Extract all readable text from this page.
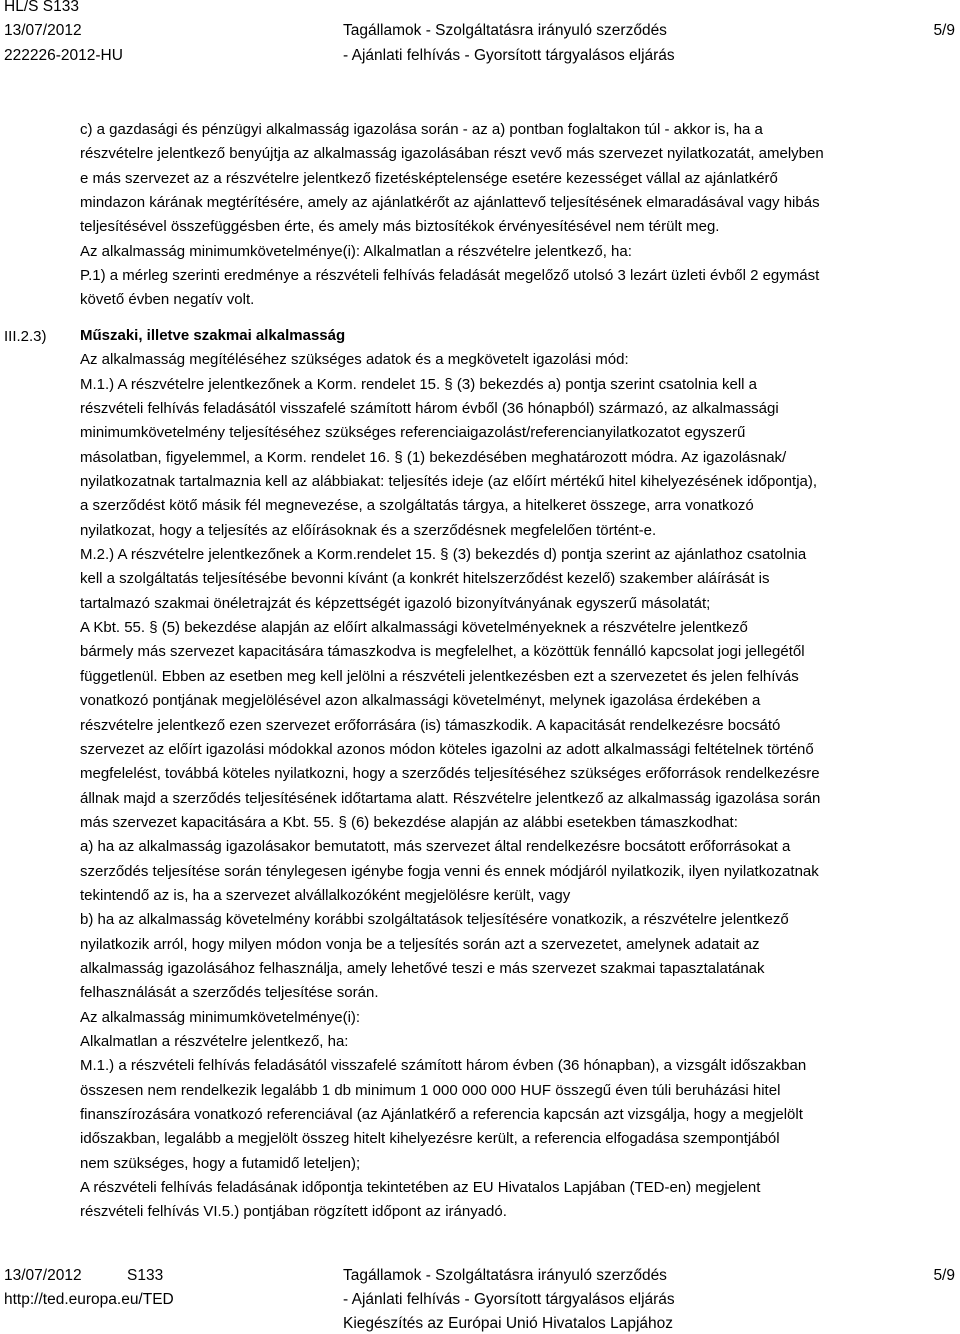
HL/S S133
13/07/2012
222226-2012-HU
Tagállamok - Szolgáltatásra irányuló szerződés
- Ajánlati felhívás - Gyorsított tárgyalásos eljárás
5/9
c) a gazdasági és pénzügyi alkalmasság igazolása során - az a) pontban foglaltakon túl - akkor is, ha a
részvételre jelentkező benyújtja az alkalmasság igazolásában részt vevő más szervezet nyilatkozatát, amelyben
e más szervezet az a részvételre jelentkező fizetésképtelensége esetére kezességet vállal az ajánlatkérő
mindazon kárának megtérítésére, amely az ajánlatkérőt az ajánlattevő teljesítésének elmaradásával vagy hibás
teljesítésével összefüggésben érte, és amely más biztosítékok érvényesítésével nem térült meg.
Az alkalmasság minimumkövetelménye(i): Alkalmatlan a részvételre jelentkező, ha:
P.1) a mérleg szerinti eredménye a részvételi felhívás feladását megelőző utolsó 3 lezárt üzleti évből 2 egymást
követő évben negatív volt.
III.2.3) Műszaki, illetve szakmai alkalmasság
Az alkalmasság megítéléséhez szükséges adatok és a megkövetelt igazolási mód:
M.1.) A részvételre jelentkezőnek a Korm. rendelet 15. § (3) bekezdés a) pontja szerint csatolnia kell a
részvételi felhívás feladásától visszafelé számított három évből (36 hónapból) származó, az alkalmassági
minimumkövetelmény teljesítéséhez szükséges referenciaigazolást/referencianyilatkozatot egyszerű
másolatban, figyelemmel, a Korm. rendelet 16. § (1) bekezdésében meghatározott módra. Az igazolásnak/
nyilatkozatnak tartalmaznia kell az alábbiakat: teljesítés ideje (az előírt mértékű hitel kihelyezésének időpontja),
a szerződést kötő másik fél megnevezése, a szolgáltatás tárgya, a hitelkeret összege, arra vonatkozó
nyilatkozat, hogy a teljesítés az előírásoknak és a szerződésnek megfelelően történt-e.
M.2.) A részvételre jelentkezőnek a Korm.rendelet 15. § (3) bekezdés d) pontja szerint az ajánlathoz csatolnia
kell a szolgáltatás teljesítésébe bevonni kívánt (a konkrét hitelszerződést kezelő) szakember aláírását is
tartalmazó szakmai önéletrajzát és képzettségét igazoló bizonyítványának egyszerű másolatát;
A Kbt. 55. § (5) bekezdése alapján az előírt alkalmassági követelményeknek a részvételre jelentkező
bármely más szervezet kapacitására támaszkodva is megfelelhet, a közöttük fennálló kapcsolat jogi jellegétől
függetlenül. Ebben az esetben meg kell jelölni a részvételi jelentkezésben ezt a szervezetet és jelen felhívás
vonatkozó pontjának megjelölésével azon alkalmassági követelményt, melynek igazolása érdekében a
részvételre jelentkező ezen szervezet erőforrására (is) támaszkodik. A kapacitását rendelkezésre bocsátó
szervezet az előírt igazolási módokkal azonos módon köteles igazolni az adott alkalmassági feltételnek történő
megfelelést, továbbá köteles nyilatkozni, hogy a szerződés teljesítéséhez szükséges erőforrások rendelkezésre
állnak majd a szerződés teljesítésének időtartama alatt. Részvételre jelentkező az alkalmasság igazolása során
más szervezet kapacitására a Kbt. 55. § (6) bekezdése alapján az alábbi esetekben támaszkodhat:
a) ha az alkalmasság igazolásakor bemutatott, más szervezet által rendelkezésre bocsátott erőforrásokat a
szerződés teljesítése során ténylegesen igénybe fogja venni és ennek módjáról nyilatkozik, ilyen nyilatkozatnak
tekintendő az is, ha a szervezet alvállalkozóként megjelölésre került, vagy
b) ha az alkalmasság követelmény korábbi szolgáltatások teljesítésére vonatkozik, a részvételre jelentkező
nyilatkozik arról, hogy milyen módon vonja be a teljesítés során azt a szervezetet, amelynek adatait az
alkalmasság igazolásához felhasználja, amely lehetővé teszi e más szervezet szakmai tapasztalatának
felhasználását a szerződés teljesítése során.
Az alkalmasság minimumkövetelménye(i):
Alkalmatlan a részvételre jelentkező, ha:
M.1.) a részvételi felhívás feladásától visszafelé számított három évben (36 hónapban), a vizsgált időszakban
összesen nem rendelkezik legalább 1 db minimum 1 000 000 000 HUF összegű éven túli beruházási hitel
finanszírozására vonatkozó referenciával (az Ajánlatkérő a referencia kapcsán azt vizsgálja, hogy a megjelölt
időszakban, legalább a megjelölt összeg hitelt kihelyezésre került, a referencia elfogadása szempontjából
nem szükséges, hogy a futamidő leteljen);
A részvételi felhívás feladásának időpontja tekintetében az EU Hivatalos Lapjában (TED-en) megjelent
részvételi felhívás VI.5.) pontjában rögzített időpont az irányadó.
13/07/2012	S133
http://ted.europa.eu/TED
Tagállamok - Szolgáltatásra irányuló szerződés
- Ajánlati felhívás - Gyorsított tárgyalásos eljárás
Kiegészítés az Európai Unió Hivatalos Lapjához
5/9
